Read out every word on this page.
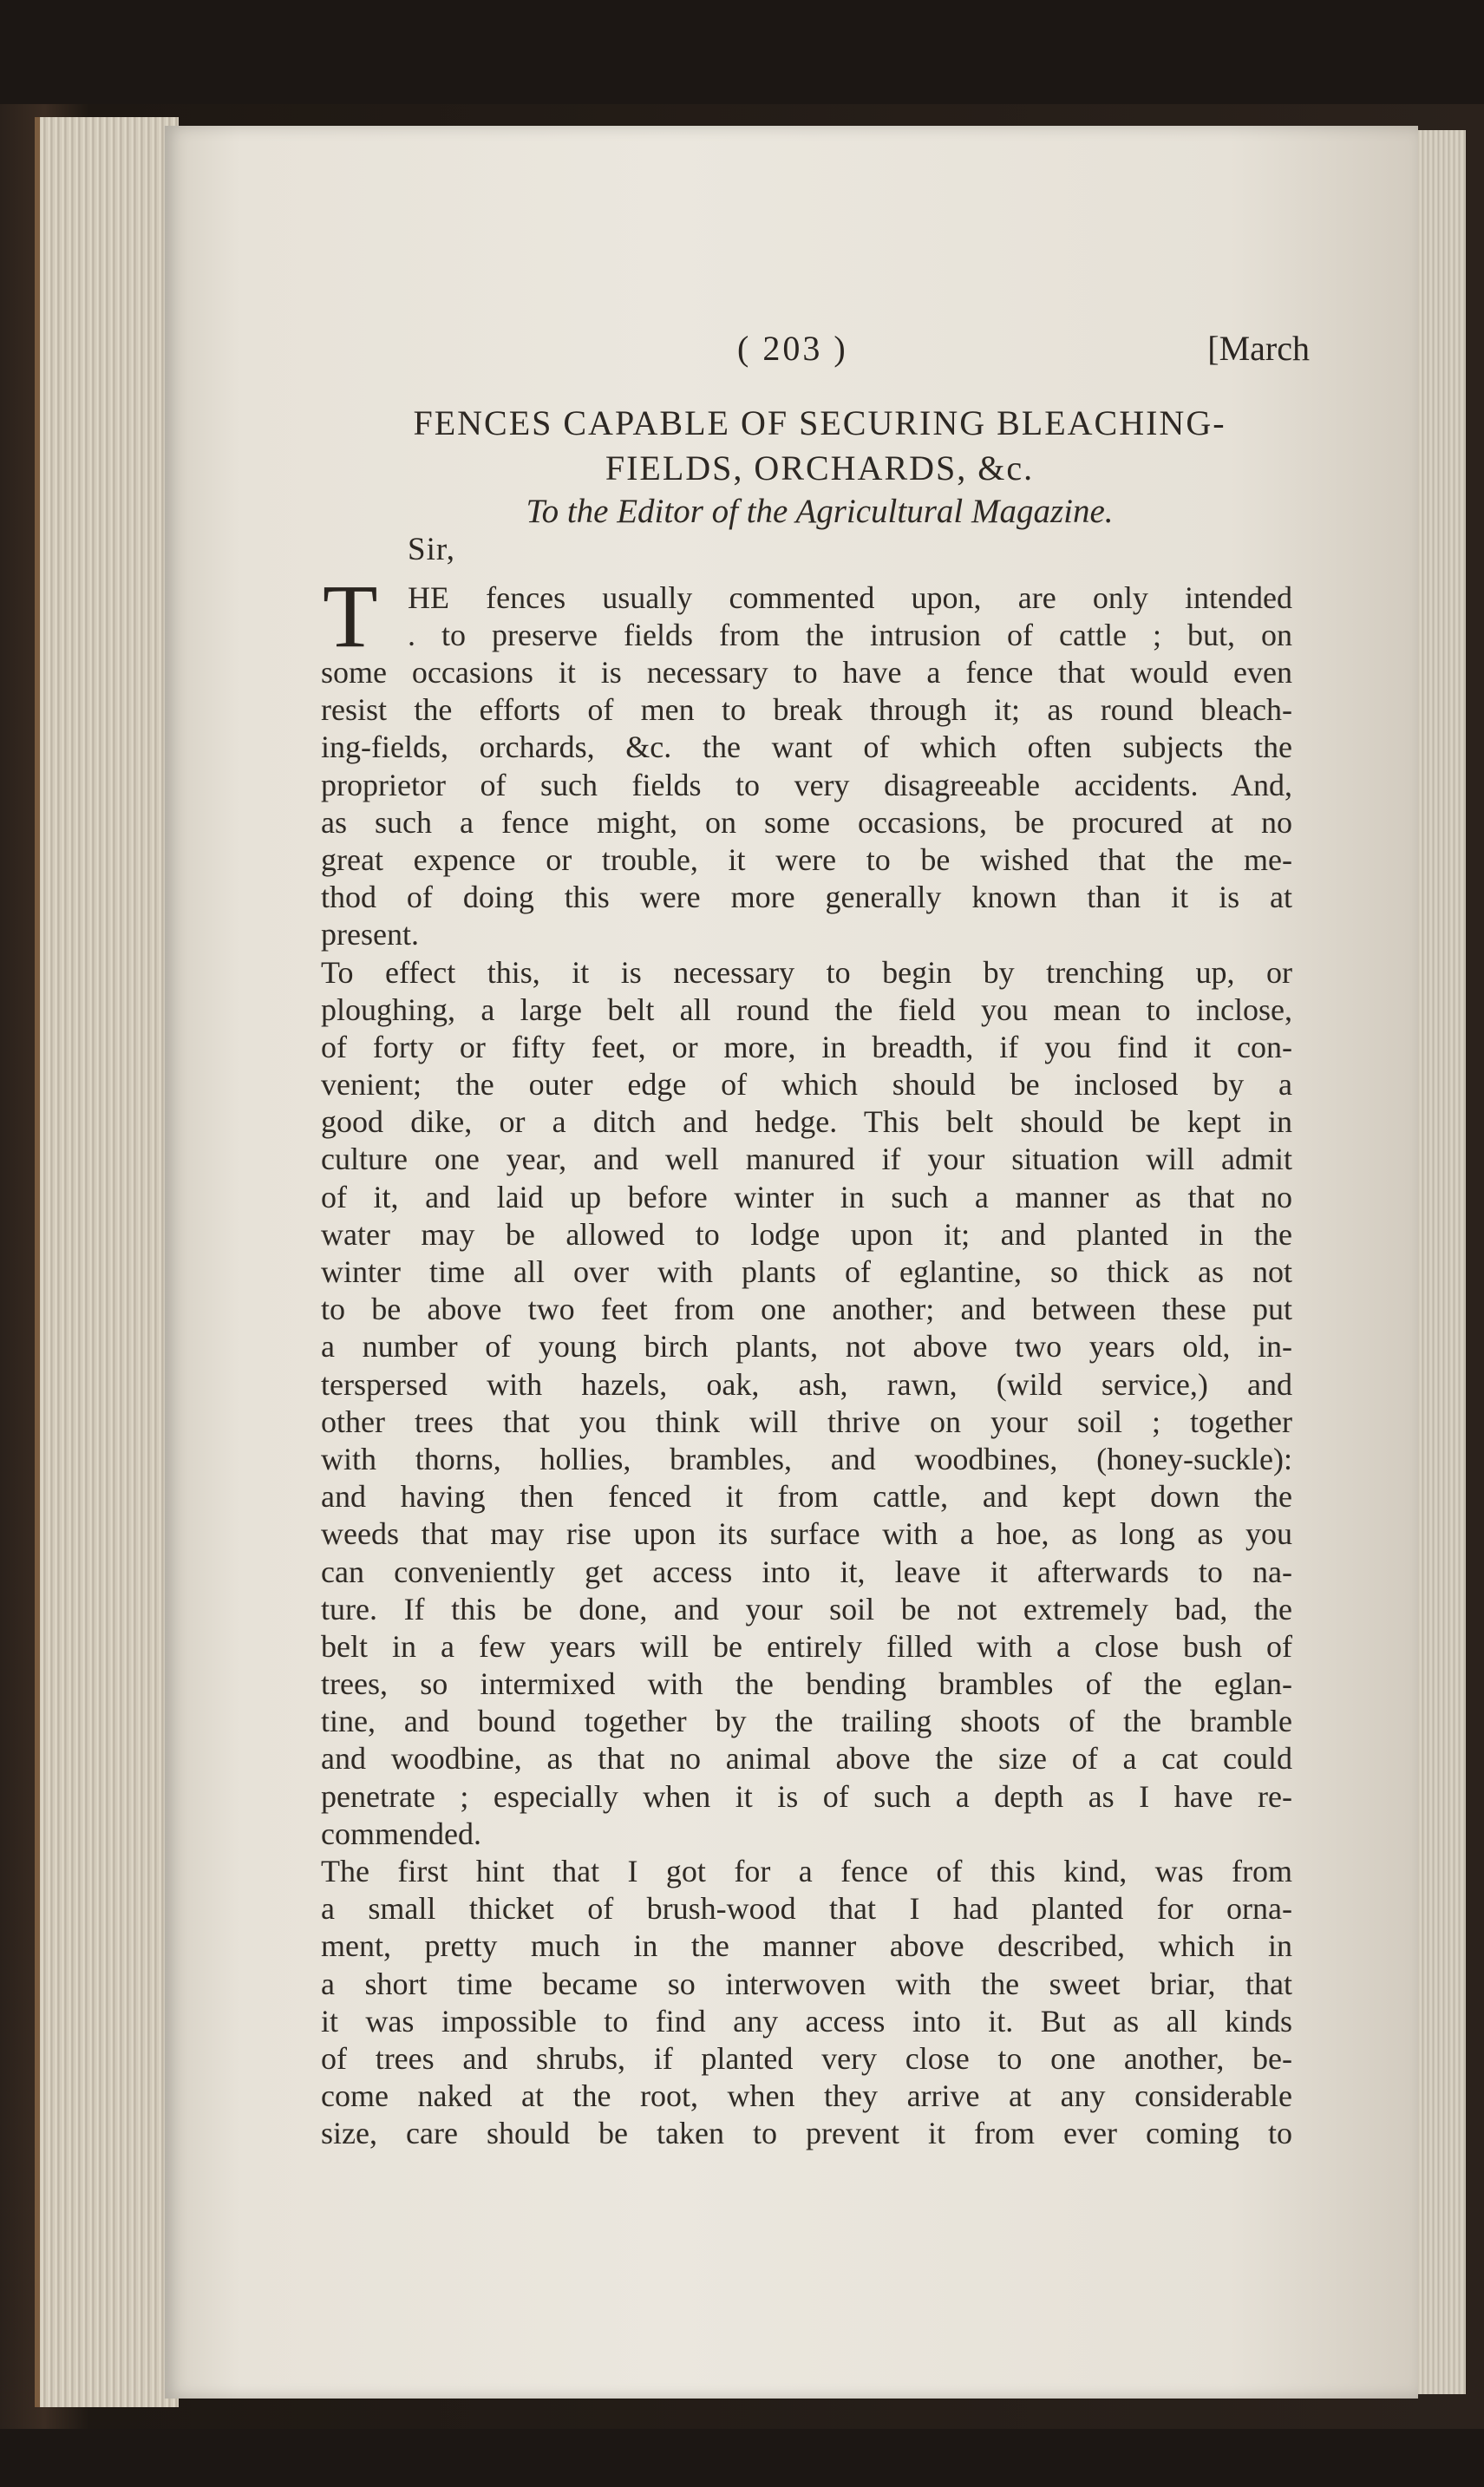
( 203 )	[March
FENCES CAPABLE OF SECURING BLEACHING-
FIELDS, ORCHARDS, &c.
To the Editor of the Agricultural Magazine.
Sir,
T HE fences usually commented upon, are only intended
. to preserve fields from the intrusion of cattle ; but, on
some occasions it is necessary to have a fence that would even
resist the efforts of men to break through it; as round bleach-
ing-fields, orchards, &c. the want of which often subjects the
proprietor of such fields to very disagreeable accidents. And,
as such a fence might, on some occasions, be procured at no
great expence or trouble, it were to be wished that the me-
thod of doing this were more generally known than it is at
present.
To effect this, it is necessary to begin by trenching up, or
ploughing, a large belt all round the field you mean to inclose,
of forty or fifty feet, or more, in breadth, if you find it con-
venient; the outer edge of which should be inclosed by a
good dike, or a ditch and hedge. This belt should be kept in
culture one year, and well manured if your situation will admit
of it, and laid up before winter in such a manner as that no
water may be allowed to lodge upon it; and planted in the
winter time all over with plants of eglantine, so thick as not
to be above two feet from one another; and between these put
a number of young birch plants, not above two years old, in-
terspersed with hazels, oak, ash, rawn, (wild service,) and
other trees that you think will thrive on your soil ; together
with thorns, hollies, brambles, and woodbines, (honey-suckle):
and having then fenced it from cattle, and kept down the
weeds that may rise upon its surface with a hoe, as long as you
can conveniently get access into it, leave it afterwards to na-
ture. If this be done, and your soil be not extremely bad, the
belt in a few years will be entirely filled with a close bush of
trees, so intermixed with the bending brambles of the eglan-
tine, and bound together by the trailing shoots of the bramble
and woodbine, as that no animal above the size of a cat could
penetrate ; especially when it is of such a depth as I have re-
commended.
The first hint that I got for a fence of this kind, was from
a small thicket of brush-wood that I had planted for orna-
ment, pretty much in the manner above described, which in
a short time became so interwoven with the sweet briar, that
it was impossible to find any access into it. But as all kinds
of trees and shrubs, if planted very close to one another, be-
come naked at the root, when they arrive at any considerable
size, care should be taken to prevent it from ever coming to
